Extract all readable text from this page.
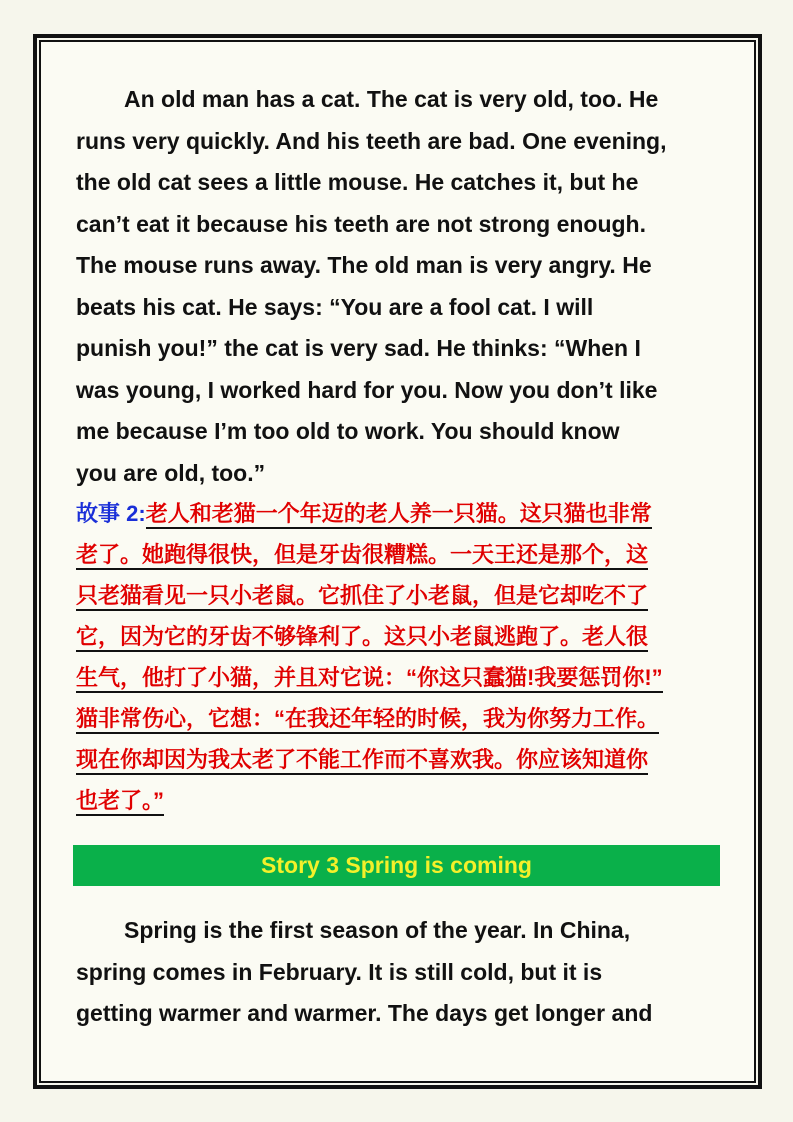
An old man has a cat. The cat is very old, too. He
runs very quickly. And his teeth are bad. One evening,
the old cat sees a little mouse. He catches it, but he
can’t eat it because his teeth are not strong enough.
The mouse runs away. The old man is very angry. He
beats his cat. He says: “You are a fool cat. I will
punish you!” the cat is very sad. He thinks: “When I
was young, I worked hard for you. Now you don’t like
me because I’m too old to work. You should know
you are old, too.”
故事 2:老人和老猫一个年迈的老人养一只猫。这只猫也非常
老了。她跑得很快，但是牙齿很糟糕。一天王还是那个，这
只老猫看见一只小老鼠。它抓住了小老鼠，但是它却吃不了
它，因为它的牙齿不够锋利了。这只小老鼠逃跑了。老人很
生气，他打了小猫，并且对它说：“你这只蠢猫!我要惩罚你!”
猫非常伤心，它想：“在我还年轻的时候，我为你努力工作。
现在你却因为我太老了不能工作而不喜欢我。你应该知道你
也老了。”
Story 3 Spring is coming
Spring is the first season of the year. In China,
spring comes in February. It is still cold, but it is
getting warmer and warmer. The days get longer and
